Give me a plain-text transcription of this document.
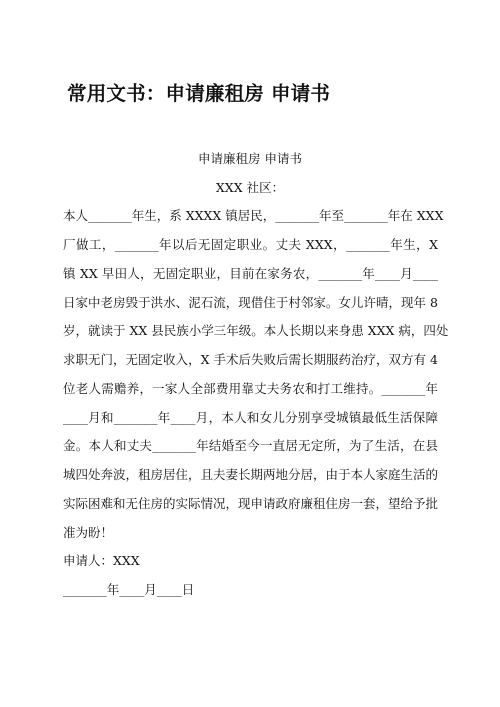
常用文书：申请廉租房 申请书
申请廉租房 申请书
XXX 社区：
本人_______年生，系 XXXX 镇居民，_______年至_______年在 XXX
厂做工，_______年以后无固定职业。丈夫 XXX，_______年生，X
镇 XX 早田人，无固定职业，目前在家务农，_______年____月____
日家中老房毁于洪水、泥石流，现借住于村邻家。女儿许晴，现年 8
岁，就读于 XX 县民族小学三年级。本人长期以来身患 XXX 病，四处
求职无门，无固定收入，X 手术后失败后需长期服药治疗，双方有 4
位老人需赡养，一家人全部费用靠丈夫务农和打工维持。_______年
____月和_______年____月，本人和女儿分别享受城镇最低生活保障
金。本人和丈夫_______年结婚至今一直居无定所，为了生活，在县
城四处奔波，租房居住，且夫妻长期两地分居，由于本人家庭生活的
实际困难和无住房的实际情况，现申请政府廉租住房一套，望给予批
准为盼！
申请人：XXX
_______年____月____日
